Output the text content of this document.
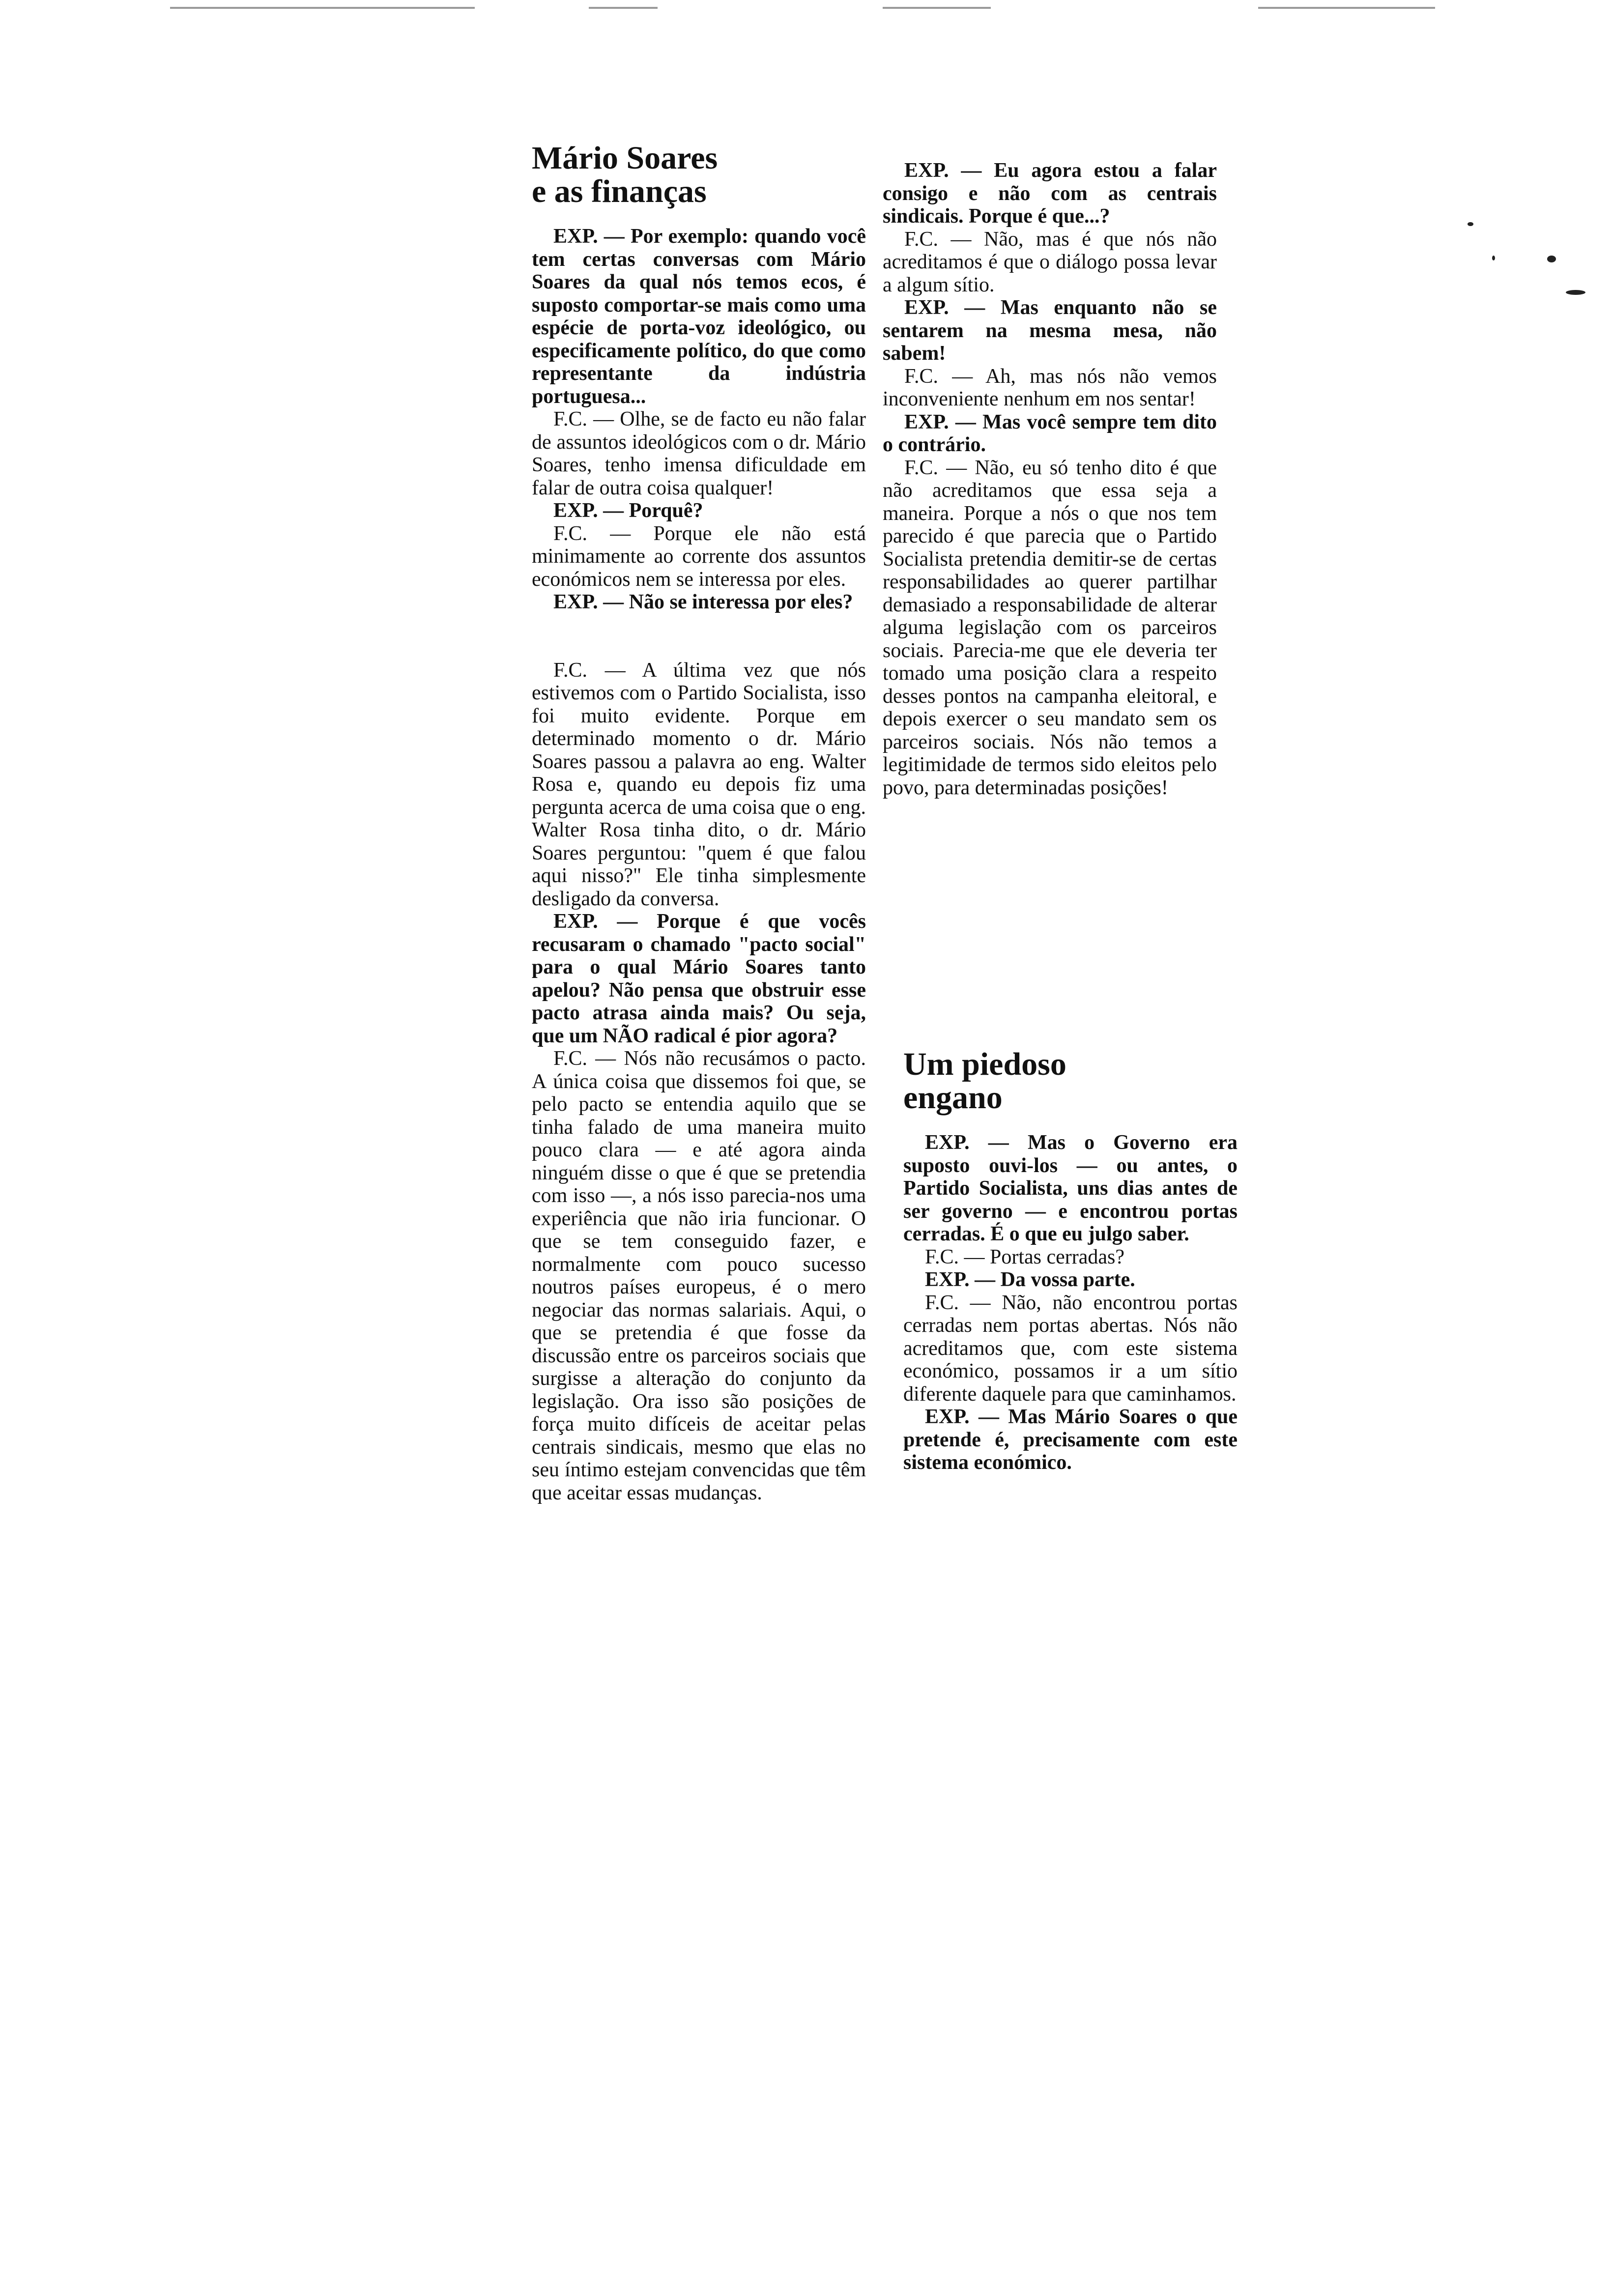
Mário Soares
e as finanças

EXP. — Por exemplo: quando você tem certas conversas com Mário Soares da qual nós temos ecos, é suposto comportar-se mais como uma espécie de porta-voz ideológico, ou especificamente político, do que como representante da indústria portuguesa...

F.C. — Olhe, se de facto eu não falar de assuntos ideológicos com o dr. Mário Soares, tenho imensa dificuldade em falar de outra coisa qualquer!

EXP. — Porquê?

F.C. — Porque ele não está minimamente ao corrente dos assuntos económicos nem se interessa por eles.

EXP. — Não se interessa por eles?

F.C. — A última vez que nós estivemos com o Partido Socialista, isso foi muito evidente. Porque em determinado momento o dr. Mário Soares passou a palavra ao eng. Walter Rosa e, quando eu depois fiz uma pergunta acerca de uma coisa que o eng. Walter Rosa tinha dito, o dr. Mário Soares perguntou: "quem é que falou aqui nisso?" Ele tinha simplesmente desligado da conversa.

EXP. — Porque é que vocês recusaram o chamado "pacto social" para o qual Mário Soares tanto apelou? Não pensa que obstruir esse pacto atrasa ainda mais? Ou seja, que um NÃO radical é pior agora?

F.C. — Nós não recusámos o pacto. A única coisa que dissemos foi que, se pelo pacto se entendia aquilo que se tinha falado de uma maneira muito pouco clara — e até agora ainda ninguém disse o que é que se pretendia com isso —, a nós isso parecia-nos uma experiência que não iria funcionar. O que se tem conseguido fazer, e normalmente com pouco sucesso noutros países europeus, é o mero negociar das normas salariais. Aqui, o que se pretendia é que fosse da discussão entre os parceiros sociais que surgisse a alteração do conjunto da legislação. Ora isso são posições de força muito difíceis de aceitar pelas centrais sindicais, mesmo que elas no seu íntimo estejam convencidas que têm que aceitar essas mudanças.

EXP. — Eu agora estou a falar consigo e não com as centrais sindicais. Porque é que...?

F.C. — Não, mas é que nós não acreditamos é que o diálogo possa levar a algum sítio.

EXP. — Mas enquanto não se sentarem na mesma mesa, não sabem!

F.C. — Ah, mas nós não vemos inconveniente nenhum em nos sentar!

EXP. — Mas você sempre tem dito o contrário.

F.C. — Não, eu só tenho dito é que não acreditamos que essa seja a maneira. Porque a nós o que nos tem parecido é que parecia que o Partido Socialista pretendia demitir-se de certas responsabilidades ao querer partilhar demasiado a responsabilidade de alterar alguma legislação com os parceiros sociais. Parecia-me que ele deveria ter tomado uma posição clara a respeito desses pontos na campanha eleitoral, e depois exercer o seu mandato sem os parceiros sociais. Nós não temos a legitimidade de termos sido eleitos pelo povo, para determinadas posições!

Um piedoso
engano

EXP. — Mas o Governo era suposto ouvi-los — ou antes, o Partido Socialista, uns dias antes de ser governo — e encontrou portas cerradas. É o que eu julgo saber.

F.C. — Portas cerradas?

EXP. — Da vossa parte.

F.C. — Não, não encontrou portas cerradas nem portas abertas. Nós não acreditamos que, com este sistema económico, possamos ir a um sítio diferente daquele para que caminhamos.

EXP. — Mas Mário Soares o que pretende é, precisamente com este sistema económico.
